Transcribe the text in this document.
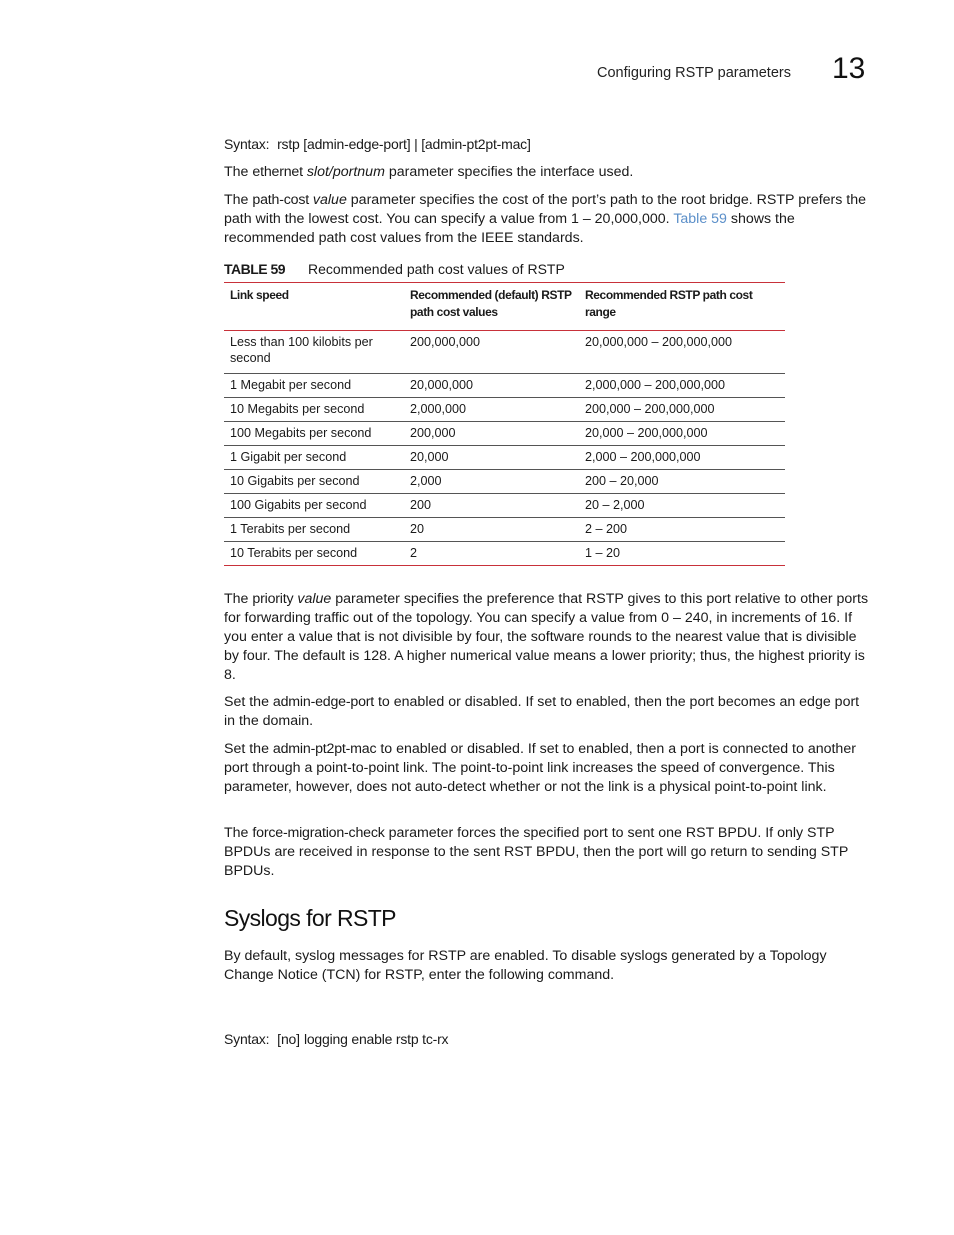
Configuring RSTP parameters 13
Syntax: rstp [admin-edge-port] | [admin-pt2pt-mac]
The ethernet slot/portnum parameter specifies the interface used.
The path-cost value parameter specifies the cost of the port’s path to the root bridge. RSTP prefers the path with the lowest cost. You can specify a value from 1 – 20,000,000. Table 59 shows the recommended path cost values from the IEEE standards.
TABLE 59 Recommended path cost values of RSTP
Link speed	Recommended (default) RSTP path cost values	Recommended RSTP path cost range
Less than 100 kilobits per second	200,000,000	20,000,000 – 200,000,000
1 Megabit per second	20,000,000	2,000,000 – 200,000,000
10 Megabits per second	2,000,000	200,000 – 200,000,000
100 Megabits per second	200,000	20,000 – 200,000,000
1 Gigabit per second	20,000	2,000 – 200,000,000
10 Gigabits per second	2,000	200 – 20,000
100 Gigabits per second	200	20 – 2,000
1 Terabits per second	20	2 – 200
10 Terabits per second	2	1 – 20
The priority value parameter specifies the preference that RSTP gives to this port relative to other ports for forwarding traffic out of the topology. You can specify a value from 0 – 240, in increments of 16. If you enter a value that is not divisible by four, the software rounds to the nearest value that is divisible by four. The default is 128. A higher numerical value means a lower priority; thus, the highest priority is 8.
Set the admin-edge-port to enabled or disabled. If set to enabled, then the port becomes an edge port in the domain.
Set the admin-pt2pt-mac to enabled or disabled. If set to enabled, then a port is connected to another port through a point-to-point link. The point-to-point link increases the speed of convergence. This parameter, however, does not auto-detect whether or not the link is a physical point-to-point link.
The force-migration-check parameter forces the specified port to sent one RST BPDU. If only STP BPDUs are received in response to the sent RST BPDU, then the port will go return to sending STP BPDUs.
Syslogs for RSTP
By default, syslog messages for RSTP are enabled. To disable syslogs generated by a Topology Change Notice (TCN) for RSTP, enter the following command.
Syntax: [no] logging enable rstp tc-rx
